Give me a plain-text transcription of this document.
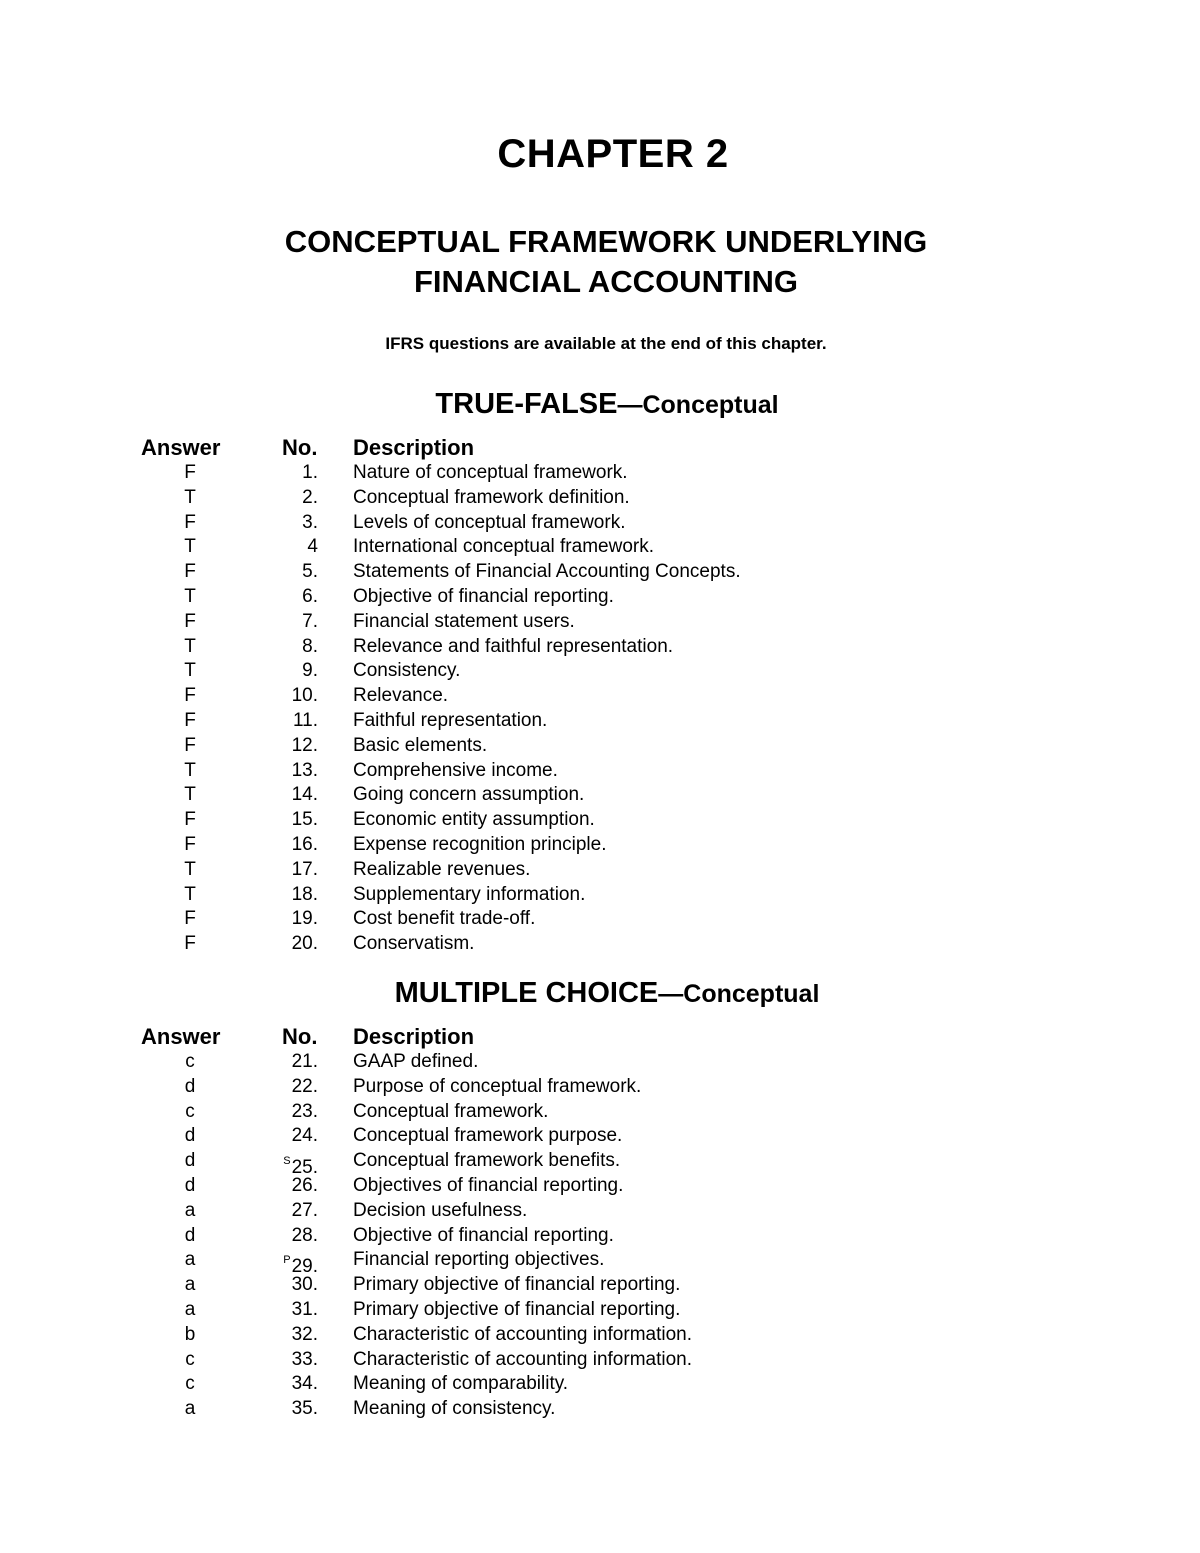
CHAPTER 2
CONCEPTUAL FRAMEWORK UNDERLYING
FINANCIAL ACCOUNTING
IFRS questions are available at the end of this chapter.
TRUE-FALSE—Conceptual
Answer	No. Description
F	1. Nature of conceptual framework.
T	2. Conceptual framework definition.
F	3. Levels of conceptual framework.
T	4 International conceptual framework.
F	5. Statements of Financial Accounting Concepts.
T	6. Objective of financial reporting.
F	7. Financial statement users.
T	8. Relevance and faithful representation.
T	9. Consistency.
F	10. Relevance.
F	11. Faithful representation.
F	12. Basic elements.
T	13. Comprehensive income.
T	14. Going concern assumption.
F	15. Economic entity assumption.
F	16. Expense recognition principle.
T	17. Realizable revenues.
T	18. Supplementary information.
F	19. Cost benefit trade-off.
F	20. Conservatism.
MULTIPLE CHOICE—Conceptual
Answer	No. Description
c	21. GAAP defined.
d	22. Purpose of conceptual framework.
c	23. Conceptual framework.
d	24. Conceptual framework purpose.
d	$^S$25. Conceptual framework benefits.
d	26. Objectives of financial reporting.
a	27. Decision usefulness.
d	28. Objective of financial reporting.
a	$^P$29. Financial reporting objectives.
a	30. Primary objective of financial reporting.
a	31. Primary objective of financial reporting.
b	32. Characteristic of accounting information.
c	33. Characteristic of accounting information.
c	34. Meaning of comparability.
a	35. Meaning of consistency.
